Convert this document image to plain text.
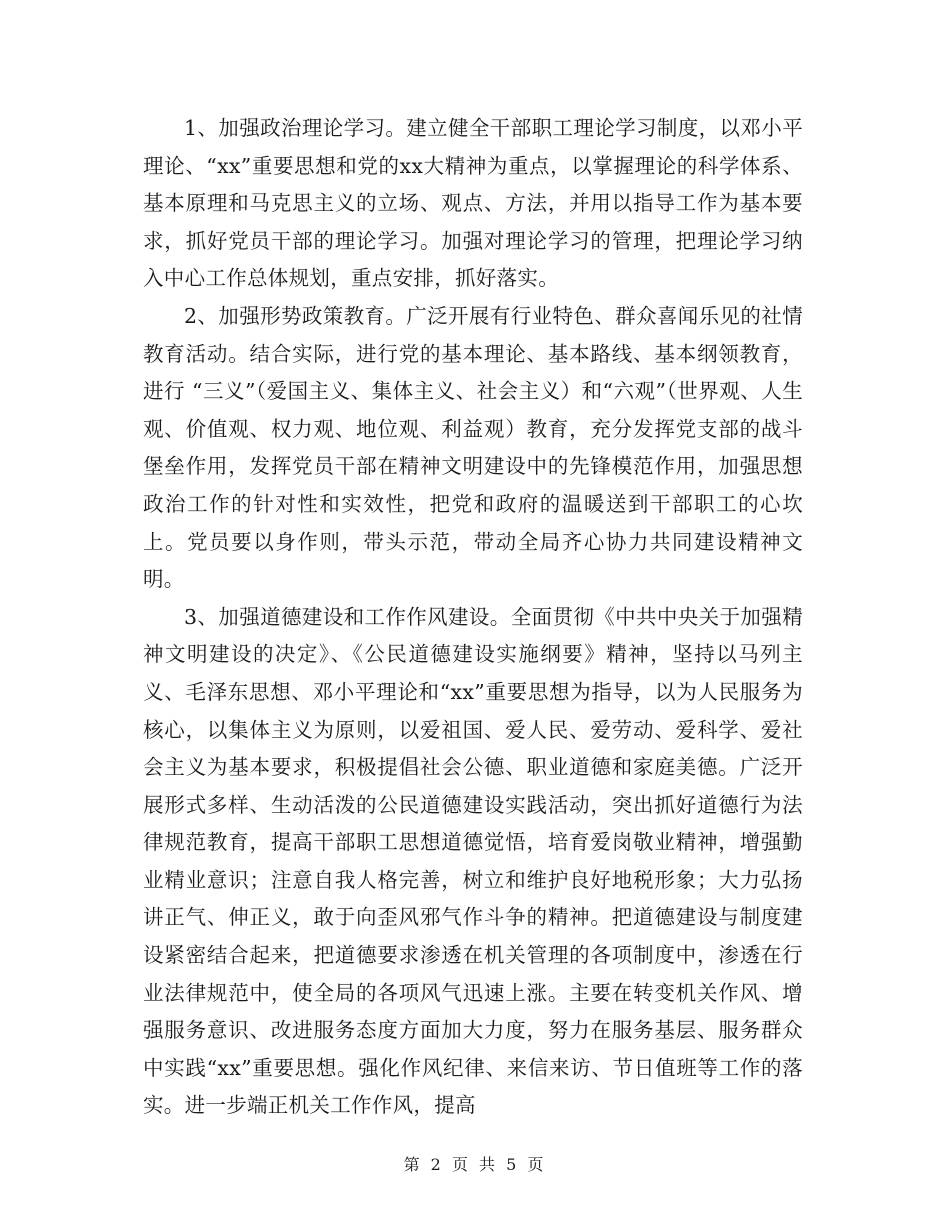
1、加强政治理论学习。建立健全干部职工理论学习制度，以邓小平理论、“xx”重要思想和党的xx大精神为重点，以掌握理论的科学体系、基本原理和马克思主义的立场、观点、方法，并用以指导工作为基本要求，抓好党员干部的理论学习。加强对理论学习的管理，把理论学习纳入中心工作总体规划，重点安排，抓好落实。

2、加强形势政策教育。广泛开展有行业特色、群众喜闻乐见的社情教育活动。结合实际，进行党的基本理论、基本路线、基本纲领教育，进行 “三义”（爱国主义、集体主义、社会主义）和“六观”（世界观、人生观、价值观、权力观、地位观、利益观）教育，充分发挥党支部的战斗堡垒作用，发挥党员干部在精神文明建设中的先锋模范作用，加强思想政治工作的针对性和实效性，把党和政府的温暖送到干部职工的心坎上。党员要以身作则，带头示范，带动全局齐心协力共同建设精神文明。

3、加强道德建设和工作作风建设。全面贯彻《中共中央关于加强精神文明建设的决定》、《公民道德建设实施纲要》精神，坚持以马列主义、毛泽东思想、邓小平理论和“xx”重要思想为指导，以为人民服务为核心，以集体主义为原则，以爱祖国、爱人民、爱劳动、爱科学、爱社会主义为基本要求，积极提倡社会公德、职业道德和家庭美德。广泛开展形式多样、生动活泼的公民道德建设实践活动，突出抓好道德行为法律规范教育，提高干部职工思想道德觉悟，培育爱岗敬业精神，增强勤业精业意识；注意自我人格完善，树立和维护良好地税形象；大力弘扬讲正气、伸正义，敢于向歪风邪气作斗争的精神。把道德建设与制度建设紧密结合起来，把道德要求渗透在机关管理的各项制度中，渗透在行业法律规范中，使全局的各项风气迅速上涨。主要在转变机关作风、增强服务意识、改进服务态度方面加大力度，努力在服务基层、服务群众中实践“xx”重要思想。强化作风纪律、来信来访、节日值班等工作的落实。进一步端正机关工作作风，提高

第 2 页 共 5 页
